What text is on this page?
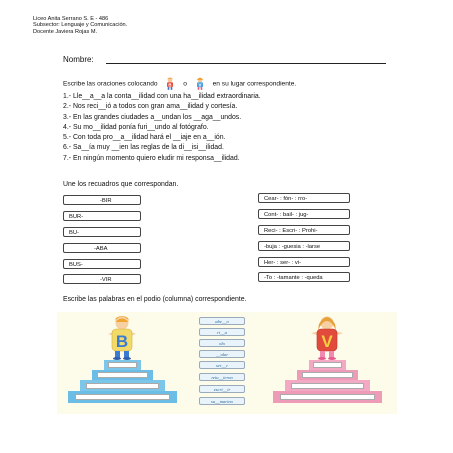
Liceo Anita Serrano S. E - 486
Subsector: Lenguaje y Comunicación.
Docente Javiera Rojas M.
Nombre:
Escribe las oraciones colocando	B o	V en su lugar correspondiente.
1.- Lle__a__a la conta__ilidad con una ha__ilidad extraordinaria.
2.- Nos reci__ió a todos con gran ama__ilidad y cortesía.
3.- En las grandes ciudades a__undan los __aga__undos.
4.- Su mo__ilidad ponía furi__undo al fotógrafo.
5.- Con toda pro__a__ilidad hará el __iaje en a__ión.
6.- Sa__ía muy __ien las reglas de la di__isi__ilidad.
7.- En ningún momento quiero eludir mi responsa__ilidad.
Une los recuadros que correspondan.
-BIR
BUR-
BU-
-ABA
BUS-
-VIR
Cear- : fón- : rro-
Cont- : bail- : jug-
Reci- : Escri- : Prohi-
-buja : -guesia : -larse
Her- : ser- : vi-
-To : -tamante : -queda
Escribe las palabras en el podio (columna) correspondiente.
B
abe__o
ri__a
olo
__ular
ser__r
retu__ieron
escri__ir
su__marino
V
